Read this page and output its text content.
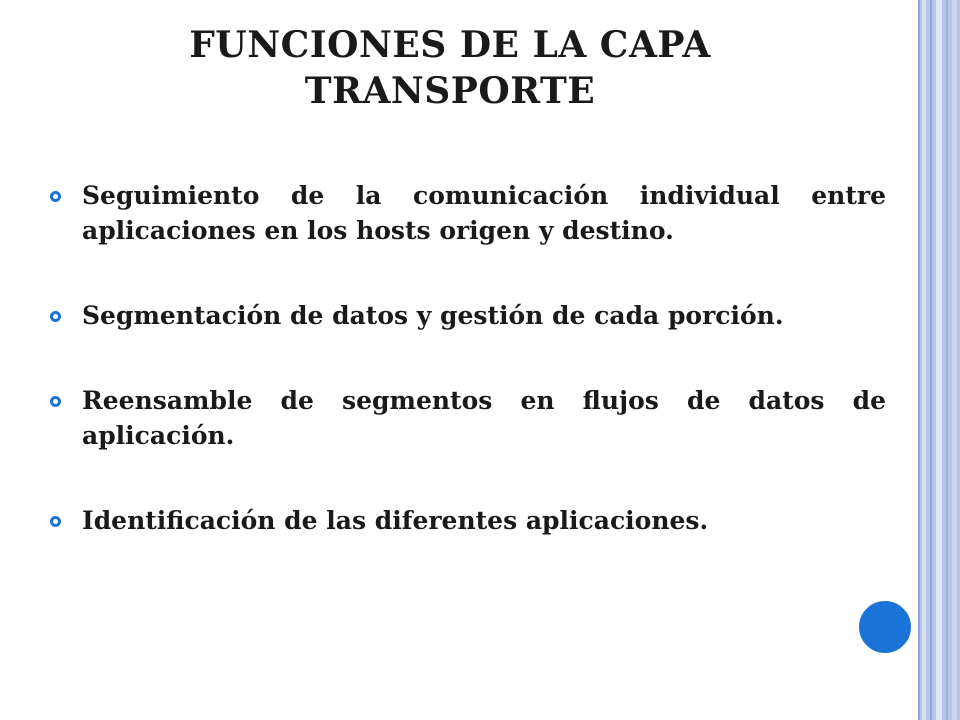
FUNCIONES DE LA CAPA TRANSPORTE
Seguimiento de la comunicación individual entre aplicaciones en los hosts origen y destino.
Segmentación de datos y gestión de cada porción.
Reensamble de segmentos en flujos de datos de aplicación.
Identificación de las diferentes aplicaciones.
